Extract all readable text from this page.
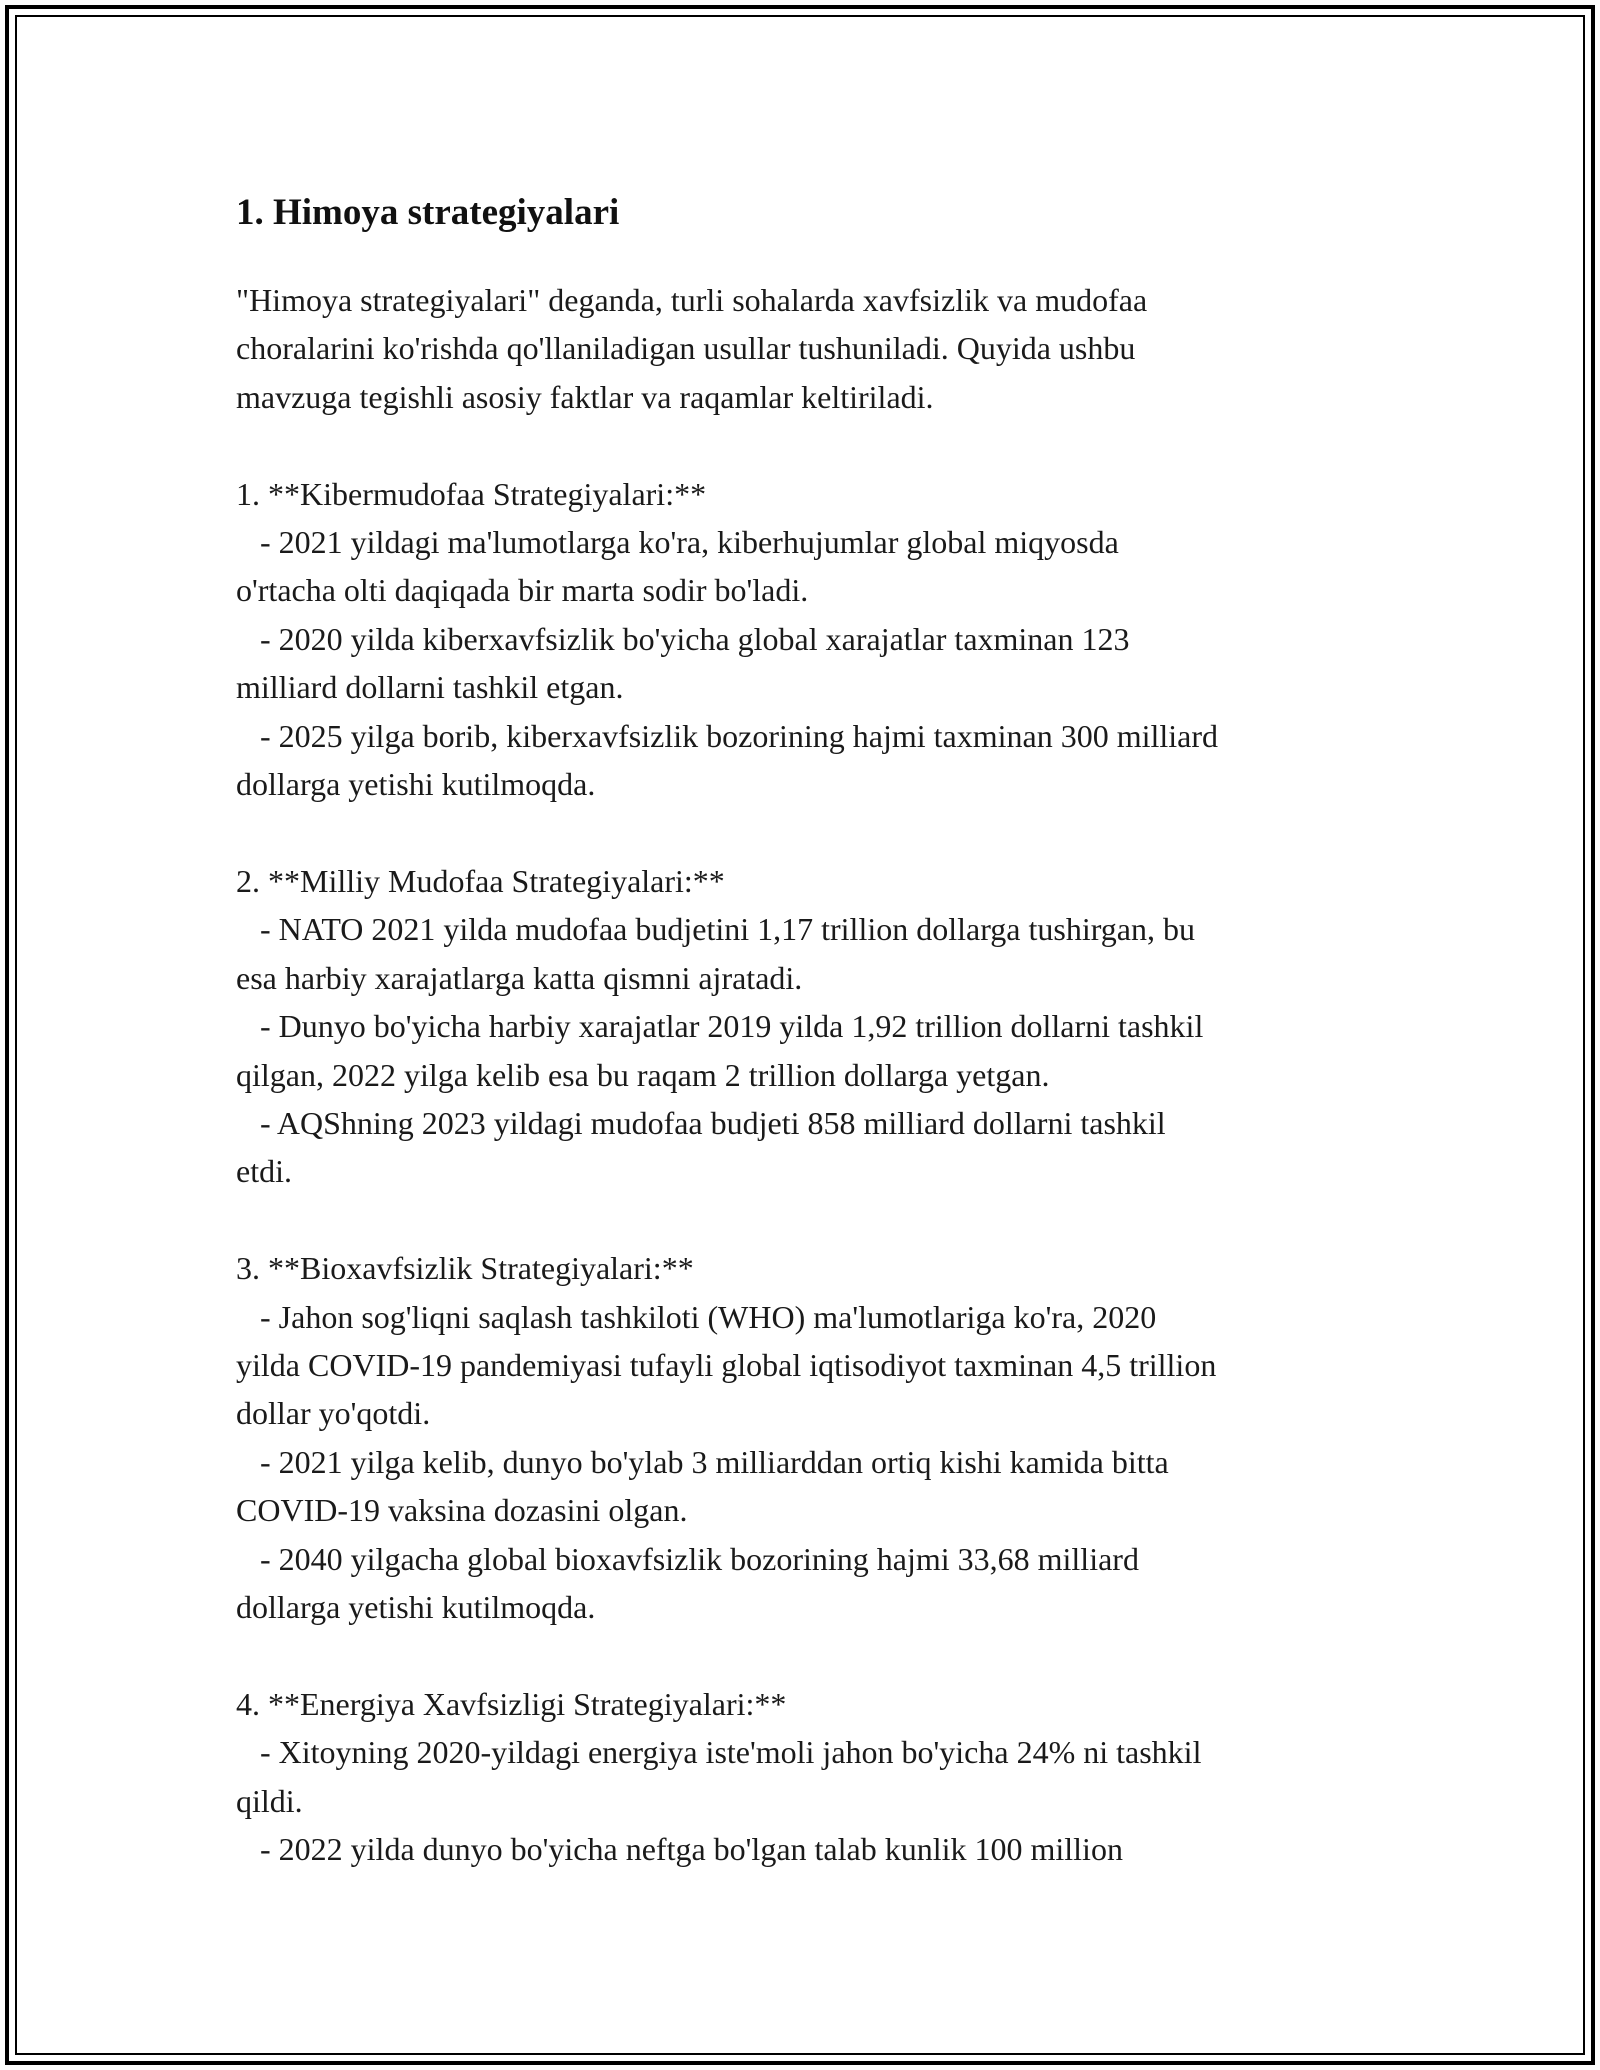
1. Himoya strategiyalari
"Himoya strategiyalari" deganda, turli sohalarda xavfsizlik va mudofaa
choralarini ko'rishda qo'llaniladigan usullar tushuniladi. Quyida ushbu
mavzuga tegishli asosiy faktlar va raqamlar keltiriladi.

1. **Kibermudofaa Strategiyalari:**
- 2021 yildagi ma'lumotlarga ko'ra, kiberhujumlar global miqyosda
o'rtacha olti daqiqada bir marta sodir bo'ladi.
- 2020 yilda kiberxavfsizlik bo'yicha global xarajatlar taxminan 123
milliard dollarni tashkil etgan.
- 2025 yilga borib, kiberxavfsizlik bozorining hajmi taxminan 300 milliard
dollarga yetishi kutilmoqda.

2. **Milliy Mudofaa Strategiyalari:**
- NATO 2021 yilda mudofaa budjetini 1,17 trillion dollarga tushirgan, bu
esa harbiy xarajatlarga katta qismni ajratadi.
- Dunyo bo'yicha harbiy xarajatlar 2019 yilda 1,92 trillion dollarni tashkil
qilgan, 2022 yilga kelib esa bu raqam 2 trillion dollarga yetgan.
- AQShning 2023 yildagi mudofaa budjeti 858 milliard dollarni tashkil
etdi.

3. **Bioxavfsizlik Strategiyalari:**
- Jahon sog'liqni saqlash tashkiloti (WHO) ma'lumotlariga ko'ra, 2020
yilda COVID-19 pandemiyasi tufayli global iqtisodiyot taxminan 4,5 trillion
dollar yo'qotdi.
- 2021 yilga kelib, dunyo bo'ylab 3 milliarddan ortiq kishi kamida bitta
COVID-19 vaksina dozasini olgan.
- 2040 yilgacha global bioxavfsizlik bozorining hajmi 33,68 milliard
dollarga yetishi kutilmoqda.

4. **Energiya Xavfsizligi Strategiyalari:**
- Xitoyning 2020-yildagi energiya iste'moli jahon bo'yicha 24% ni tashkil
qildi.
- 2022 yilda dunyo bo'yicha neftga bo'lgan talab kunlik 100 million
